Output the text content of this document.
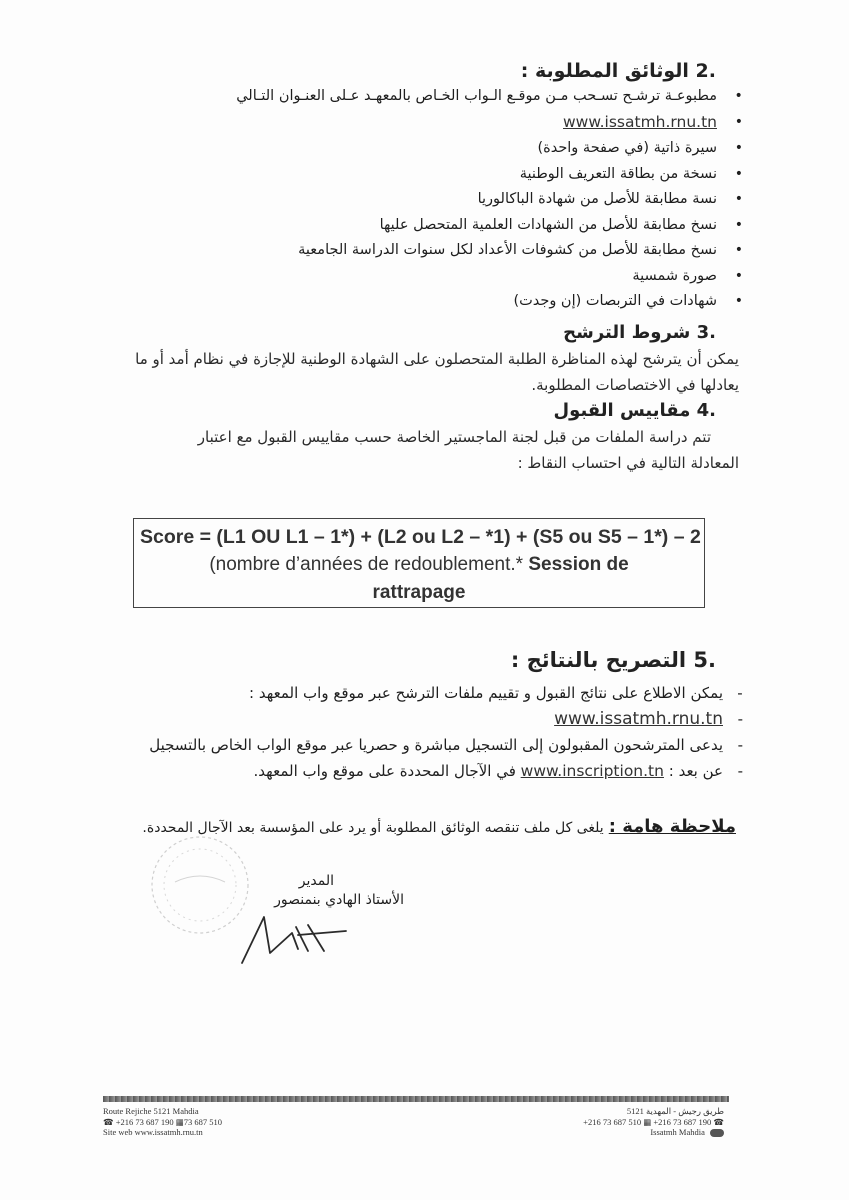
.2 الوثائق المطلوبة :
• مطبوعـة ترشـح تسـحب مـن موقـع الـواب الخـاص بالمعهـد عـلى العنـوان التـالي
• www.issatmh.rnu.tn
• سيرة ذاتية (في صفحة واحدة)
• نسخة من بطاقة التعريف الوطنية
• نسة مطابقة للأصل من شهادة الباكالوريا
• نسخ مطابقة للأصل من الشهادات العلمية المتحصل عليها
• نسخ مطابقة للأصل من كشوفات الأعداد لكل سنوات الدراسة الجامعية
• صورة شمسية
• شهادات في التربصات (إن وجدت)
.3 شروط الترشح
يمكن أن يترشح لهذه المناظرة الطلبة المتحصلون على الشهادة الوطنية للإجازة في نظام أمد أو ما
يعادلها في الاختصاصات المطلوبة.
.4 مقاييس القبول
تتم دراسة الملفات من قبل لجنة الماجستير الخاصة حسب مقاييس القبول مع اعتبار
المعادلة التالية في احتساب النقاط :
Score = (L1 OU L1 – 1*) + (L2 ou L2 – *1) + (S5 ou S5 – 1*) – 2
(nombre d’années de redoublement.* Session de
rattrapage
.5 التصريح بالنتائج :
- يمكن الاطلاع على نتائج القبول و تقييم ملفات الترشح عبر موقع واب المعهد :
- www.issatmh.rnu.tn
- يدعى المترشحون المقبولون إلى التسجيل مباشرة و حصريا عبر موقع الواب الخاص بالتسجيل
- عن بعد : www.inscription.tn في الآجال المحددة على موقع واب المعهد.
ملاحظة هامة : يلغى كل ملف تنقصه الوثائق المطلوبة أو يرد على المؤسسة بعد الآجال المحددة.
المدير
الأستاذ الهادي بنمنصور
Route Rejiche 5121 Mahdia
☎ +216 73 687 190 ▦73 687 510
Site web www.issatmh.rnu.tn
طريق رجيش - المهدية 5121
+216 73 687 510 ▦ +216 73 687 190 ☎
Issatmh Mahdia
